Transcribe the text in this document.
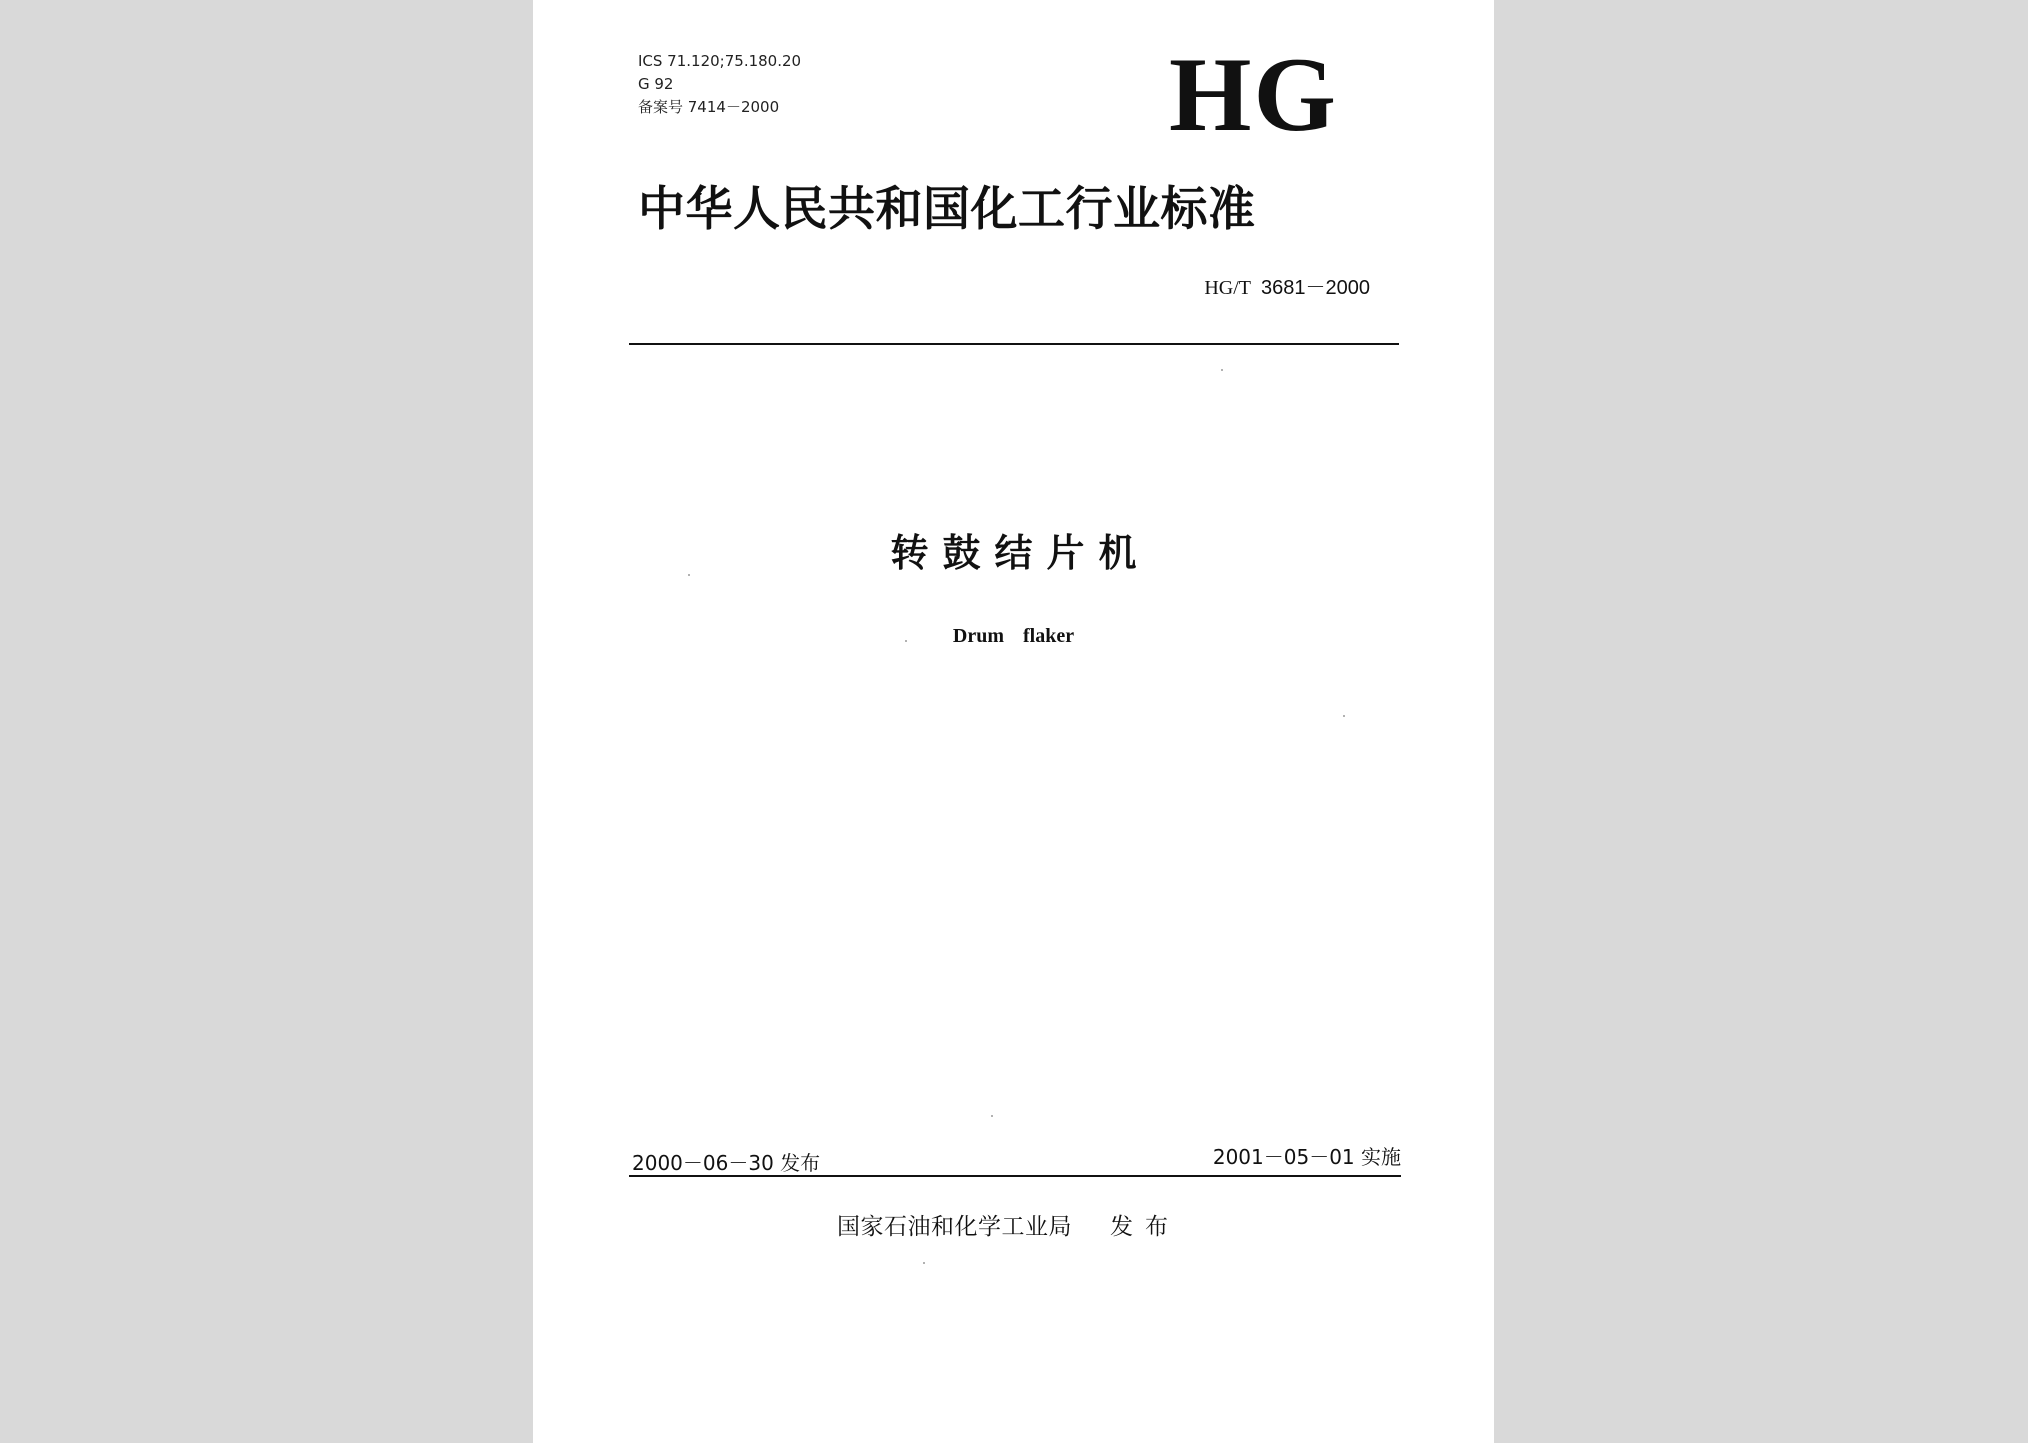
ICS 71.120;75.180.20
G 92
备案号 7414－2000	HG
中华人民共和国化工行业标准
HG/T 3681－2000
转鼓结片机
Drum flaker
2000－06－30 发布	2001－05－01 实施
国家石油和化学工业局 发布
